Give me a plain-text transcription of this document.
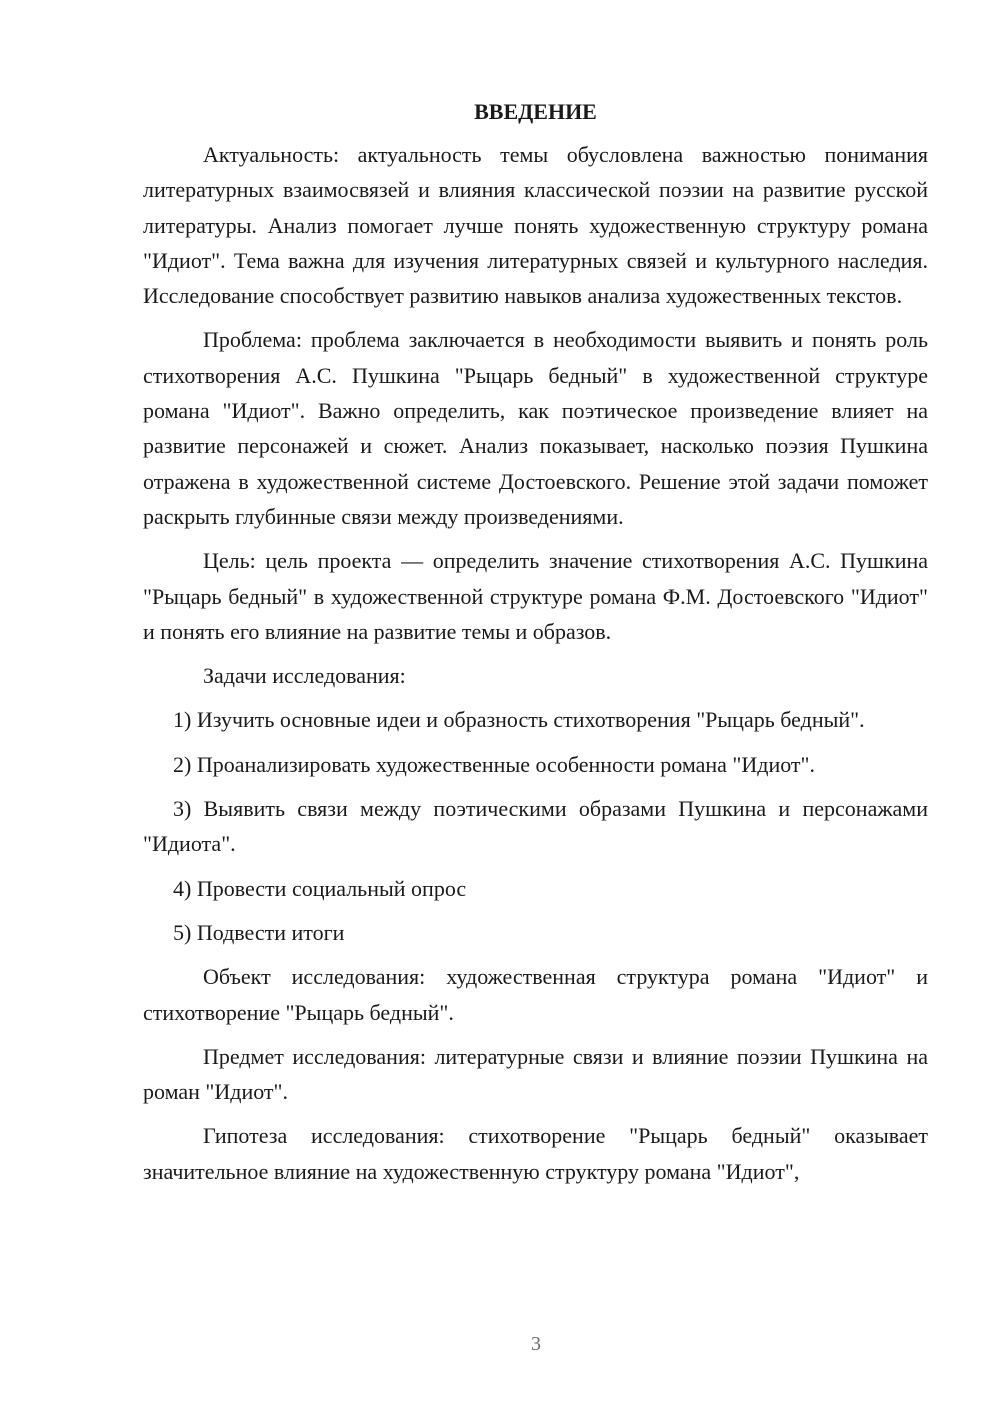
ВВЕДЕНИЕ

Актуальность: актуальность темы обусловлена важностью понимания литературных взаимосвязей и влияния классической поэзии на развитие русской литературы. Анализ помогает лучше понять художественную структуру романа "Идиот". Тема важна для изучения литературных связей и культурного наследия. Исследование способствует развитию навыков анализа художественных текстов.

Проблема: проблема заключается в необходимости выявить и понять роль стихотворения А.С. Пушкина "Рыцарь бедный" в художественной структуре романа "Идиот". Важно определить, как поэтическое произведение влияет на развитие персонажей и сюжет. Анализ показывает, насколько поэзия Пушкина отражена в художественной системе Достоевского. Решение этой задачи поможет раскрыть глубинные связи между произведениями.

Цель: цель проекта — определить значение стихотворения А.С. Пушкина "Рыцарь бедный" в художественной структуре романа Ф.М. Достоевского "Идиот" и понять его влияние на развитие темы и образов.

Задачи исследования:

1) Изучить основные идеи и образность стихотворения "Рыцарь бедный".

2) Проанализировать художественные особенности романа "Идиот".

3) Выявить связи между поэтическими образами Пушкина и персонажами "Идиота".

4) Провести социальный опрос

5) Подвести итоги

Объект исследования: художественная структура романа "Идиот" и стихотворение "Рыцарь бедный".

Предмет исследования: литературные связи и влияние поэзии Пушкина на роман "Идиот".

Гипотеза исследования: стихотворение "Рыцарь бедный" оказывает значительное влияние на художественную структуру романа "Идиот",

3
